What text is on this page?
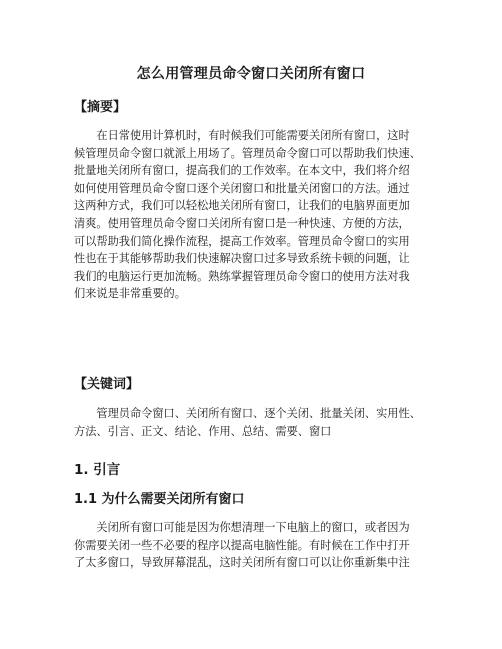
怎么用管理员命令窗口关闭所有窗口
【摘要】
　　在日常使用计算机时，有时候我们可能需要关闭所有窗口，这时
候管理员命令窗口就派上用场了。管理员命令窗口可以帮助我们快速、
批量地关闭所有窗口，提高我们的工作效率。在本文中，我们将介绍
如何使用管理员命令窗口逐个关闭窗口和批量关闭窗口的方法。通过
这两种方式，我们可以轻松地关闭所有窗口，让我们的电脑界面更加
清爽。使用管理员命令窗口关闭所有窗口是一种快速、方便的方法，
可以帮助我们简化操作流程，提高工作效率。管理员命令窗口的实用
性也在于其能够帮助我们快速解决窗口过多导致系统卡顿的问题，让
我们的电脑运行更加流畅。熟练掌握管理员命令窗口的使用方法对我
们来说是非常重要的。
【关键词】
　　管理员命令窗口、关闭所有窗口、逐个关闭、批量关闭、实用性、
方法、引言、正文、结论、作用、总结、需要、窗口
1. 引言
1.1 为什么需要关闭所有窗口
　　关闭所有窗口可能是因为你想清理一下电脑上的窗口，或者因为
你需要关闭一些不必要的程序以提高电脑性能。有时候在工作中打开
了太多窗口，导致屏幕混乱，这时关闭所有窗口可以让你重新集中注
